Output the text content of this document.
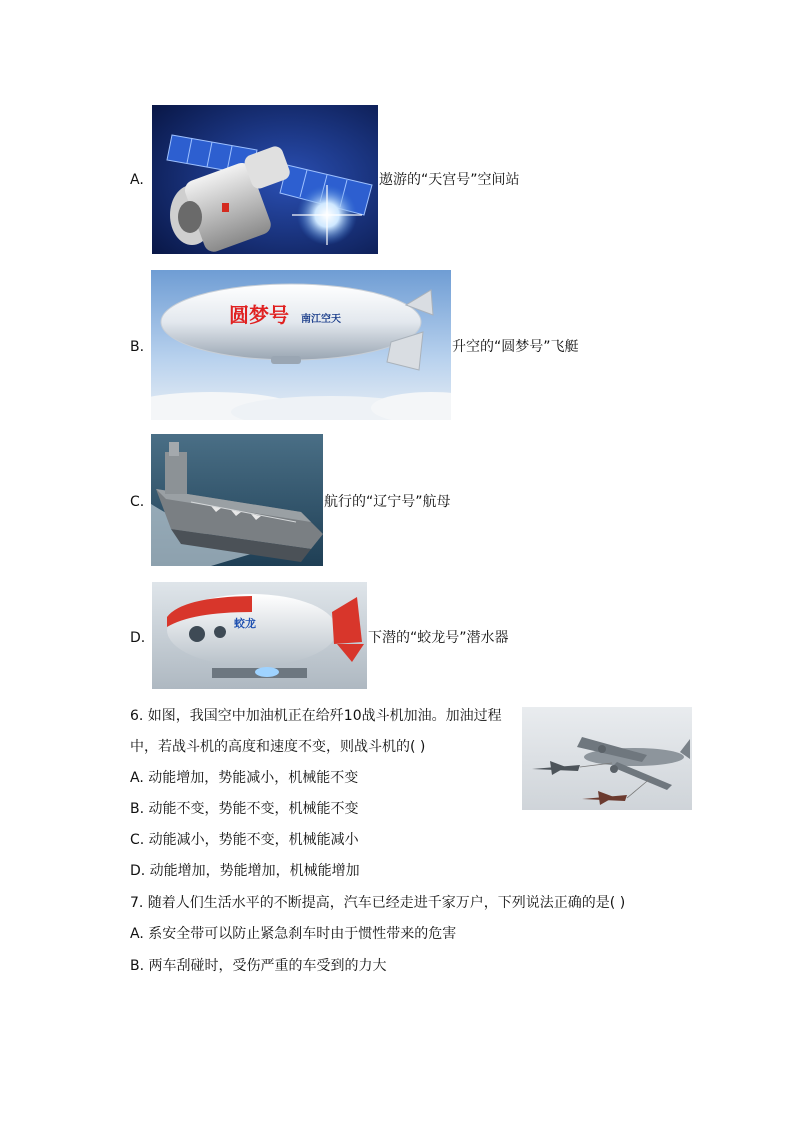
A.	遨游的“天宫号”空间站
B.
圆梦号 南江空天
升空的“圆梦号”飞艇
C.	航行的“辽宁号”航母
D.
蛟龙
下潜的“蛟龙号”潜水器
6. 如图，我国空中加油机正在给歼10战斗机加油。加油过程
中，若战斗机的高度和速度不变，则战斗机的( )
A. 动能增加，势能减小，机械能不变
B. 动能不变，势能不变，机械能不变
C. 动能减小，势能不变，机械能减小
D. 动能增加，势能增加，机械能增加
7. 随着人们生活水平的不断提高，汽车已经走进千家万户，下列说法正确的是( )
A. 系安全带可以防止紧急刹车时由于惯性带来的危害
B. 两车刮碰时，受伤严重的车受到的力大
